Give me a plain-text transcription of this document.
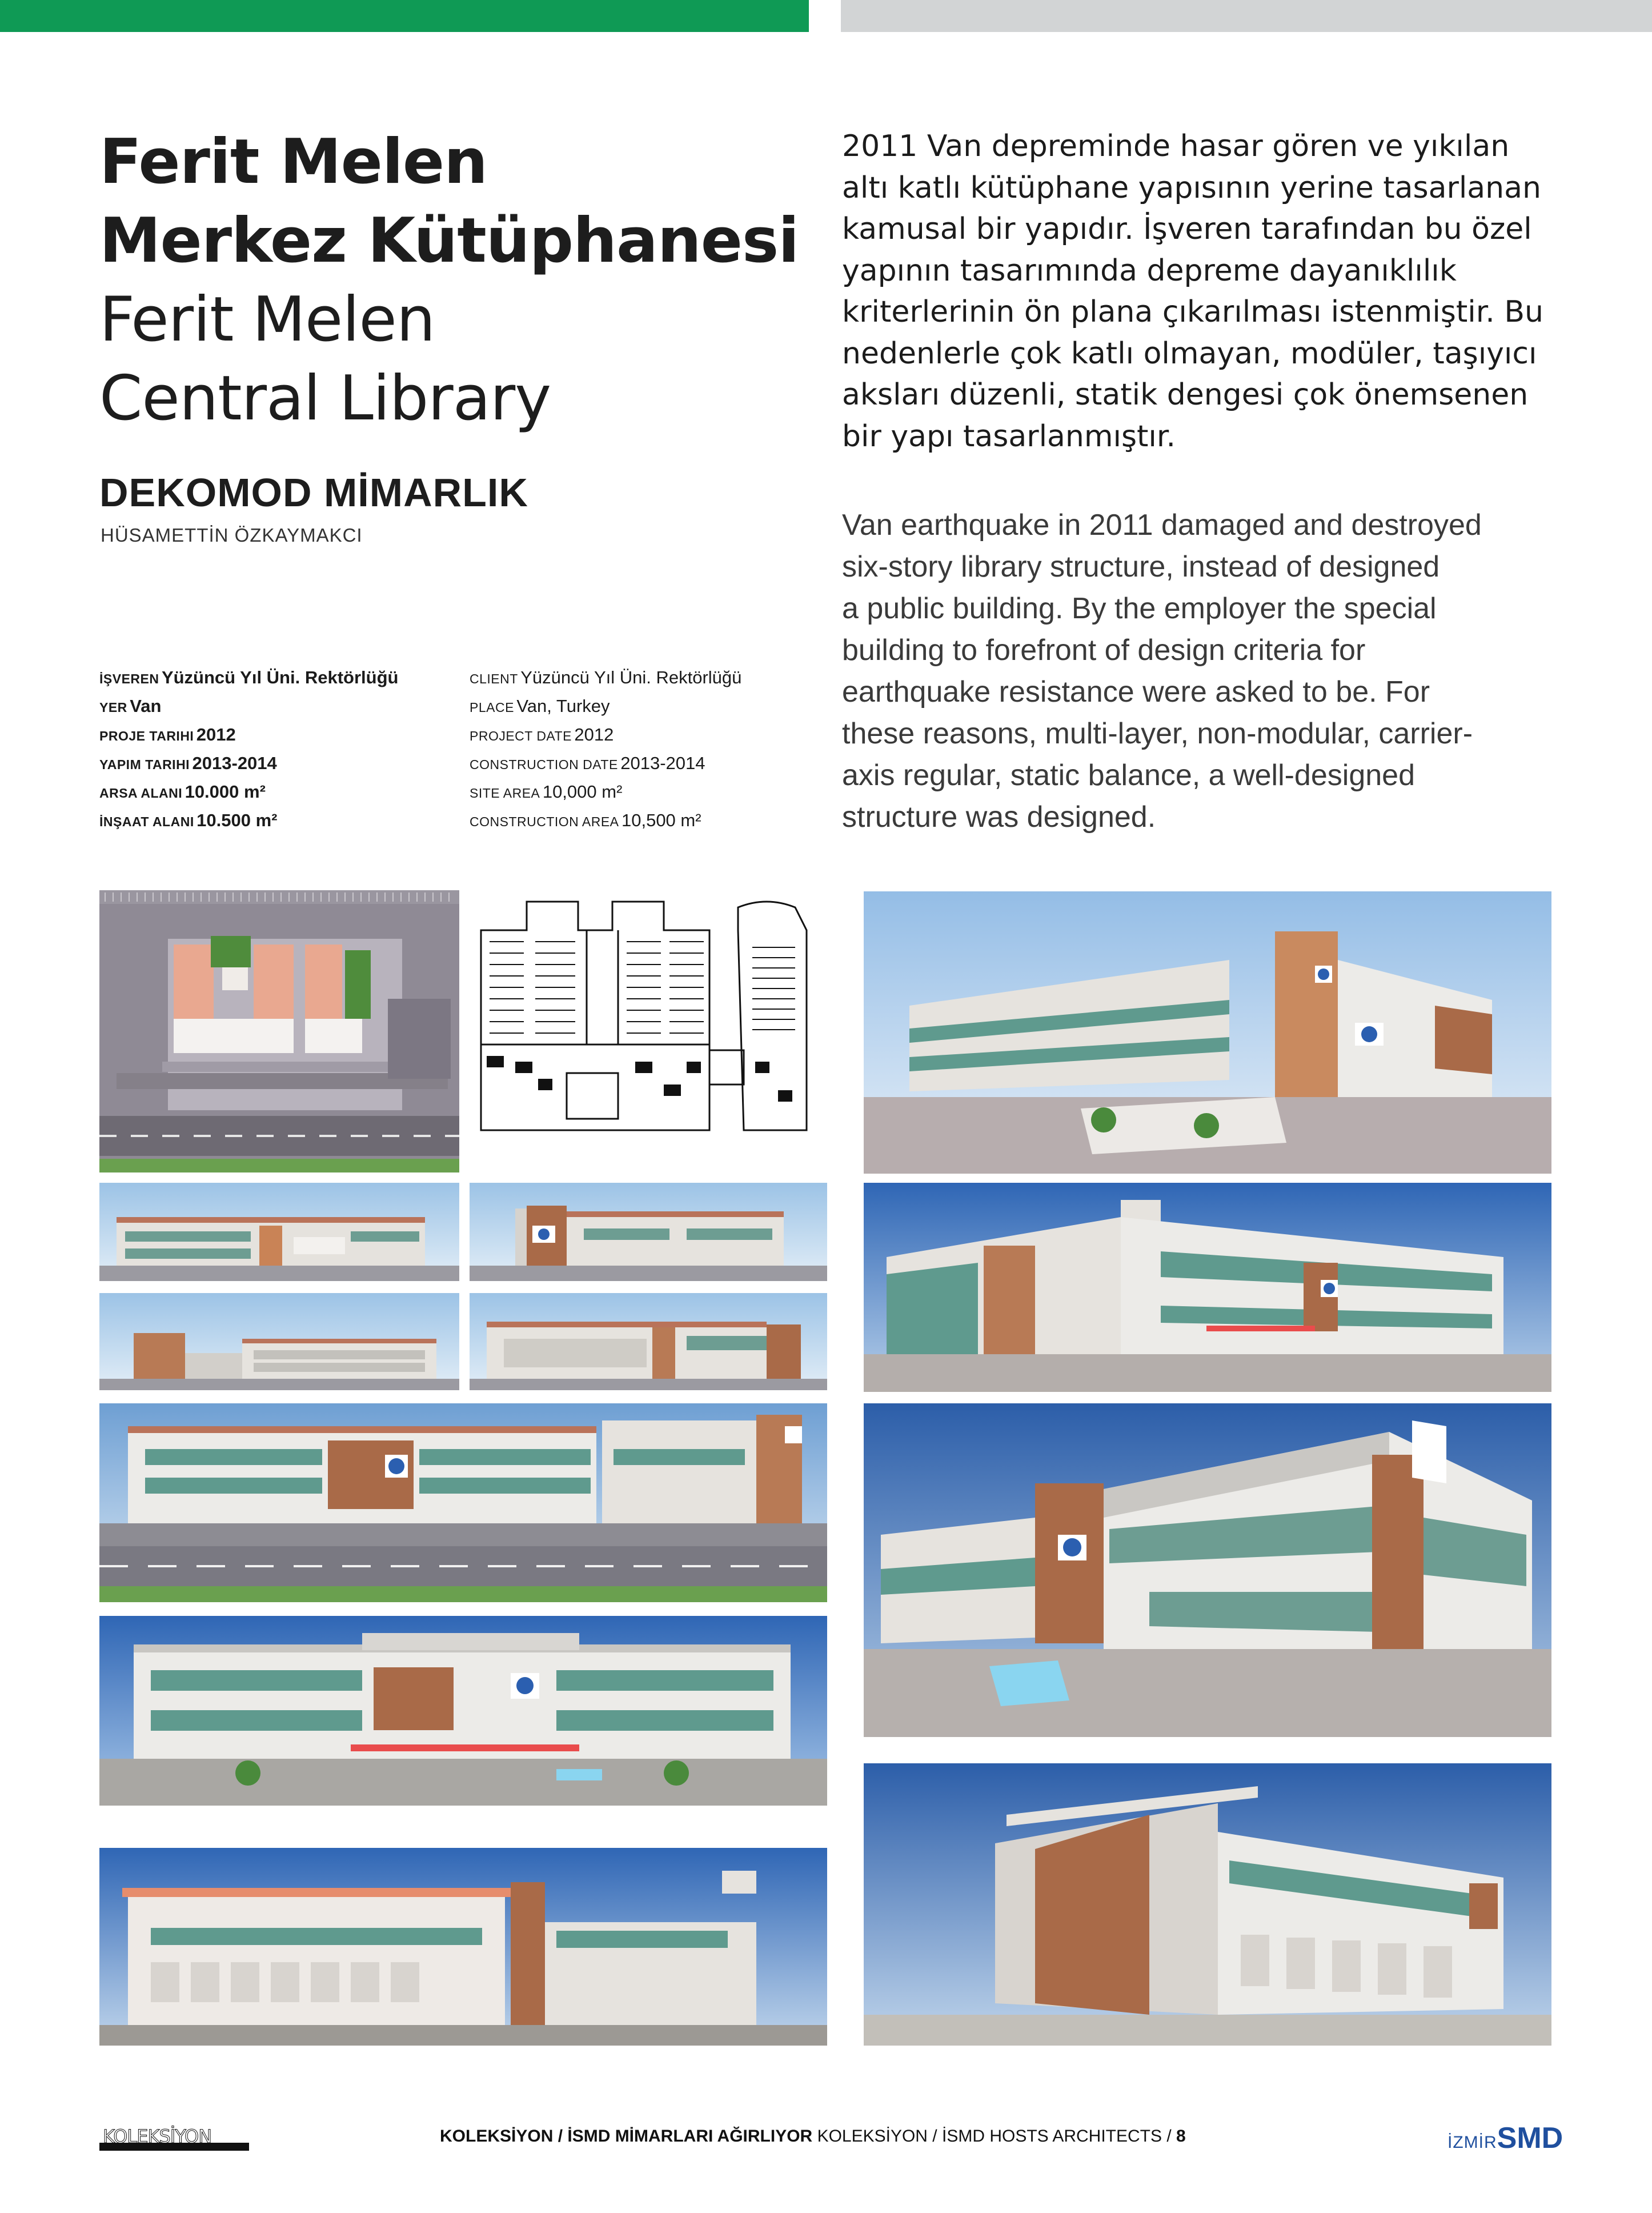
Ferit Melen
Merkez Kütüphanesi
Ferit Melen
Central Library
DEKOMOD MİMARLIK
HÜSAMETTİN ÖZKAYMAKCI
İŞVEREN Yüzüncü Yıl Üni. Rektörlüğü
YER Van
PROJE TARIHI 2012
YAPIM TARIHI 2013-2014
ARSA ALANI 10.000 m²
İNŞAAT ALANI 10.500 m²
CLIENT Yüzüncü Yıl Üni. Rektörlüğü
PLACE Van, Turkey
PROJECT DATE 2012
CONSTRUCTION DATE 2013-2014
SITE AREA 10,000 m²
CONSTRUCTION AREA 10,500 m²
2011 Van depreminde hasar gören ve yıkılan
altı katlı kütüphane yapısının yerine tasarlanan
kamusal bir yapıdır. İşveren tarafından bu özel
yapının tasarımında depreme dayanıklılık
kriterlerinin ön plana çıkarılması istenmiştir. Bu
nedenlerle çok katlı olmayan, modüler, taşıyıcı
aksları düzenli, statik dengesi çok önemsenen
bir yapı tasarlanmıştır.
Van earthquake in 2011 damaged and destroyed
six-story library structure, instead of designed
a public building. By the employer the special
building to forefront of design criteria for
earthquake resistance were asked to be. For
these reasons, multi-layer, non-modular, carrier-
axis regular, static balance, a well-designed
structure was designed.
KOLEKSİYON	KOLEKSİYON / İSMD MİMARLARI AĞIRLIYOR KOLEKSİYON / İSMD HOSTS ARCHITECTS / 8	İZMİRSMD
